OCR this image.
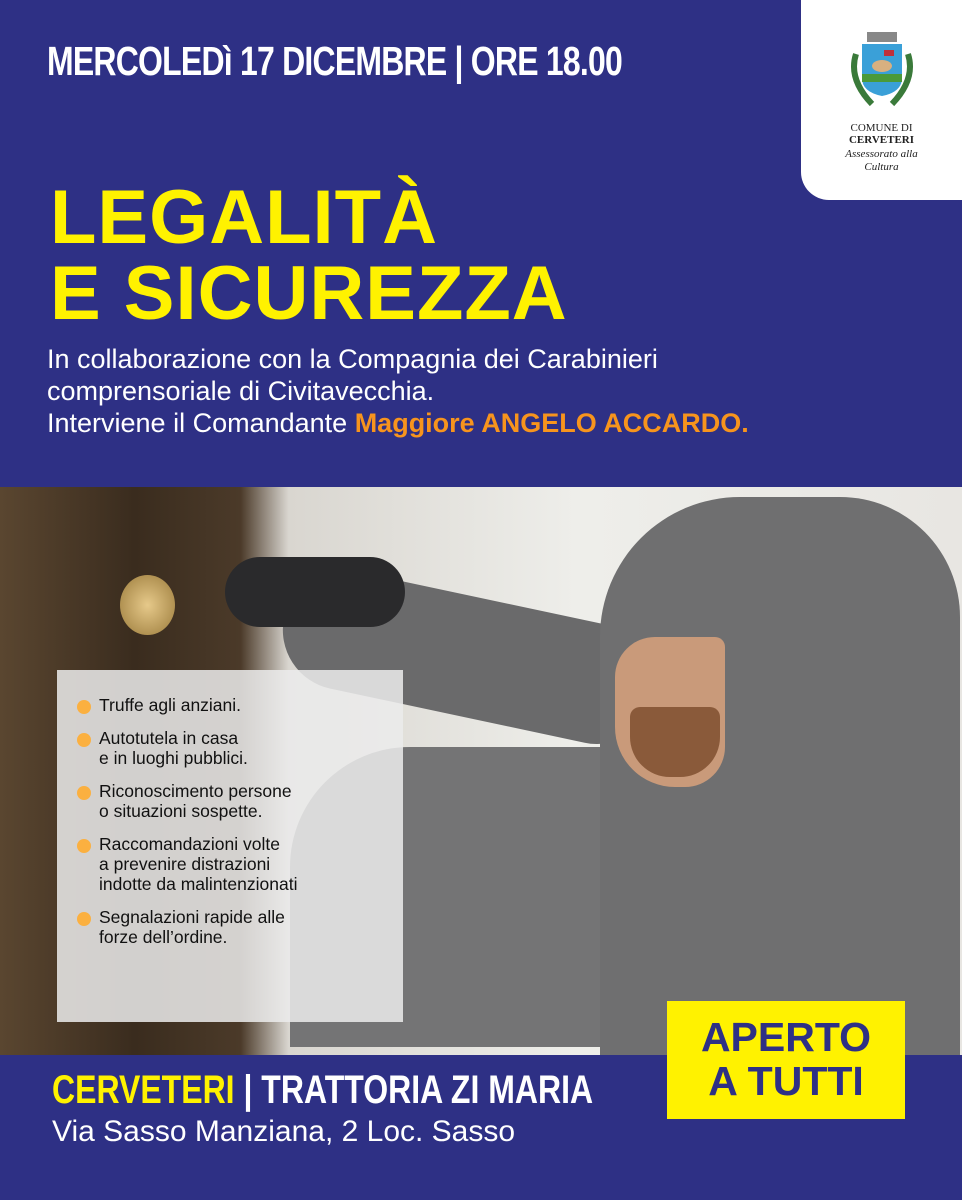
MERCOLEDì 17 DICEMBRE | ORE 18.00
COMUNE DI
CERVETERI
Assessorato alla
Cultura
LEGALITÀ
E SICUREZZA
In collaborazione con la Compagnia dei Carabinieri
comprensoriale di Civitavecchia.
Interviene il Comandante Maggiore ANGELO ACCARDO.
Truffe agli anziani.
Autotutela in casa
e in luoghi pubblici.
Riconoscimento persone
o situazioni sospette.
Raccomandazioni volte
a prevenire distrazioni
indotte da malintenzionati
Segnalazioni rapide alle
forze dell’ordine.
CERVETERI | TRATTORIA ZI MARIA
Via Sasso Manziana, 2 Loc. Sasso
APERTO
A TUTTI
